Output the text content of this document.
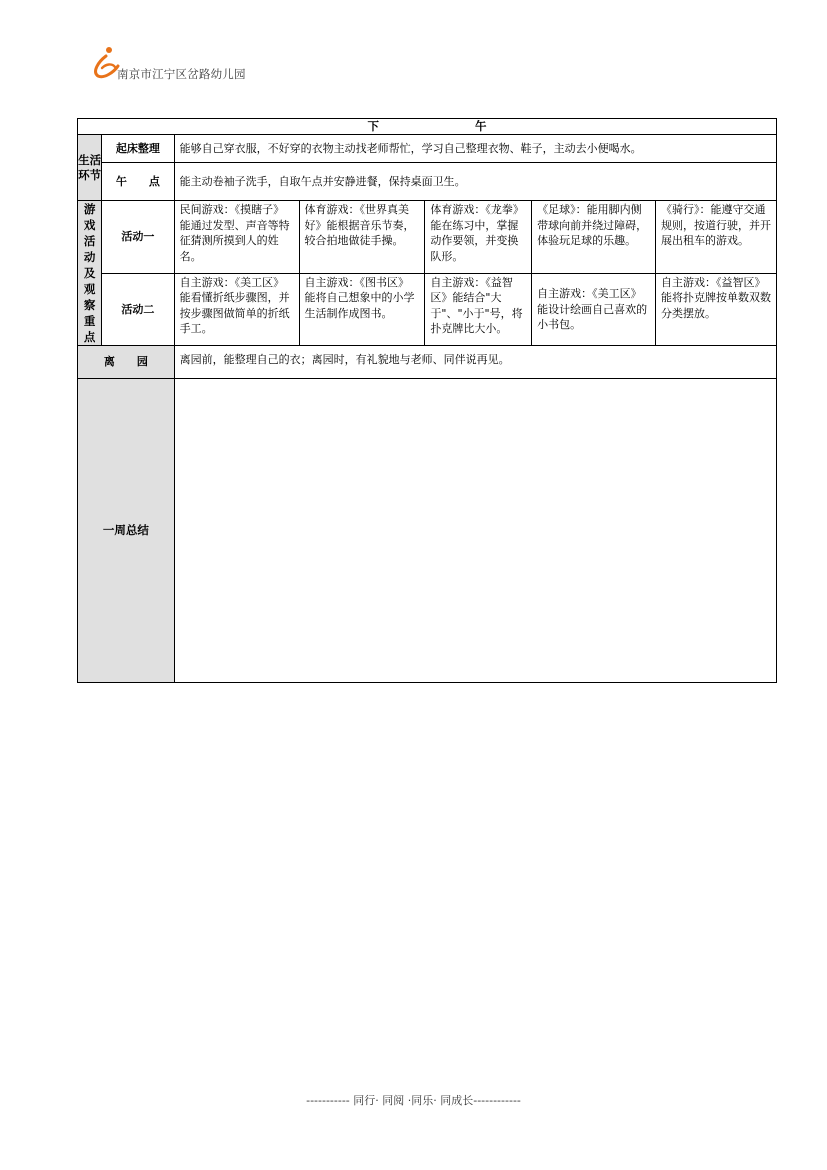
南京市江宁区岔路幼儿园
下 午						
生活环节	起床整理	能够自己穿衣服，不好穿的衣物主动找老师帮忙，学习自己整理衣物、鞋子，主动去小便喝水。				
	午　　点	能主动卷袖子洗手，自取午点并安静进餐，保持桌面卫生。				
游戏活动及观察重点	活动一	民间游戏：《摸瞎子》能通过发型、声音等特征猜测所摸到人的姓名。	体育游戏：《世界真美好》能根据音乐节奏，较合拍地做徒手操。	体育游戏：《龙拳》能在练习中，掌握动作要领，并变换队形。	《足球》：能用脚内侧带球向前并绕过障碍，体验玩足球的乐趣。	《骑行》：能遵守交通规则，按道行驶，并开展出租车的游戏。
	活动二	自主游戏：《美工区》能看懂折纸步骤图，并按步骤图做简单的折纸手工。	自主游戏：《图书区》能将自己想象中的小学生活制作成图书。	自主游戏：《益智区》能结合"大于"、"小于"号，将扑克牌比大小。	自主游戏：《美工区》能设计绘画自己喜欢的小书包。	自主游戏：《益智区》能将扑克牌按单数双数分类摆放。
离　　园		离园前，能整理自己的衣；离园时，有礼貌地与老师、同伴说再见。				
一周总结						
----------- 同行· 同阅 ·同乐· 同成长------------
